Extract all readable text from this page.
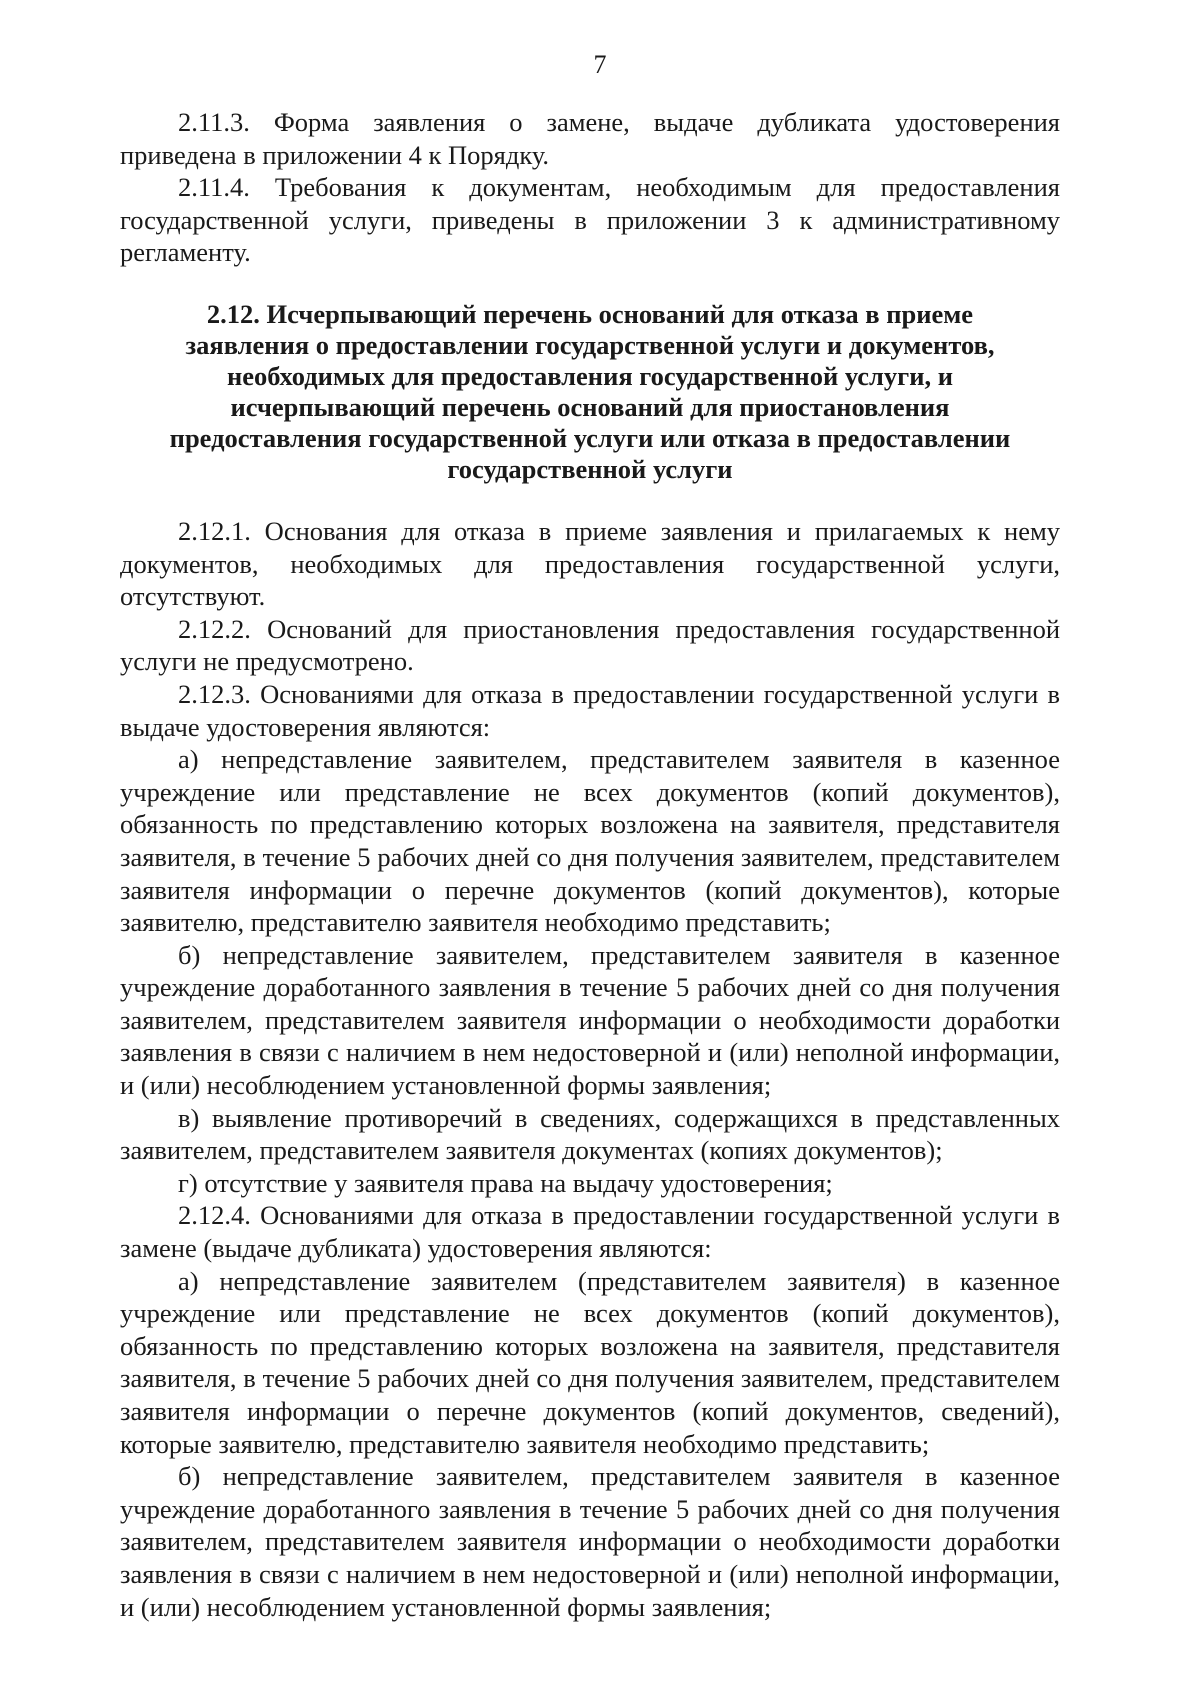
7

2.11.3. Форма заявления о замене, выдаче дубликата удостоверения приведена в приложении 4 к Порядку.

2.11.4. Требования к документам, необходимым для предоставления государственной услуги, приведены в приложении 3 к административному регламенту.

2.12. Исчерпывающий перечень оснований для отказа в приеме заявления о предоставлении государственной услуги и документов, необходимых для предоставления государственной услуги, и исчерпывающий перечень оснований для приостановления предоставления государственной услуги или отказа в предоставлении государственной услуги

2.12.1. Основания для отказа в приеме заявления и прилагаемых к нему документов, необходимых для предоставления государственной услуги, отсутствуют.

2.12.2. Оснований для приостановления предоставления государственной услуги не предусмотрено.

2.12.3. Основаниями для отказа в предоставлении государственной услуги в выдаче удостоверения являются:

а) непредставление заявителем, представителем заявителя в казенное учреждение или представление не всех документов (копий документов), обязанность по представлению которых возложена на заявителя, представителя заявителя, в течение 5 рабочих дней со дня получения заявителем, представителем заявителя информации о перечне документов (копий документов), которые заявителю, представителю заявителя необходимо представить;

б) непредставление заявителем, представителем заявителя в казенное учреждение доработанного заявления в течение 5 рабочих дней со дня получения заявителем, представителем заявителя информации о необходимости доработки заявления в связи с наличием в нем недостоверной и (или) неполной информации, и (или) несоблюдением установленной формы заявления;

в) выявление противоречий в сведениях, содержащихся в представленных заявителем, представителем заявителя документах (копиях документов);

г) отсутствие у заявителя права на выдачу удостоверения;

2.12.4. Основаниями для отказа в предоставлении государственной услуги в замене (выдаче дубликата) удостоверения являются:

а) непредставление заявителем (представителем заявителя) в казенное учреждение или представление не всех документов (копий документов), обязанность по представлению которых возложена на заявителя, представителя заявителя, в течение 5 рабочих дней со дня получения заявителем, представителем заявителя информации о перечне документов (копий документов, сведений), которые заявителю, представителю заявителя необходимо представить;

б) непредставление заявителем, представителем заявителя в казенное учреждение доработанного заявления в течение 5 рабочих дней со дня получения заявителем, представителем заявителя информации о необходимости доработки заявления в связи с наличием в нем недостоверной и (или) неполной информации, и (или) несоблюдением установленной формы заявления;
